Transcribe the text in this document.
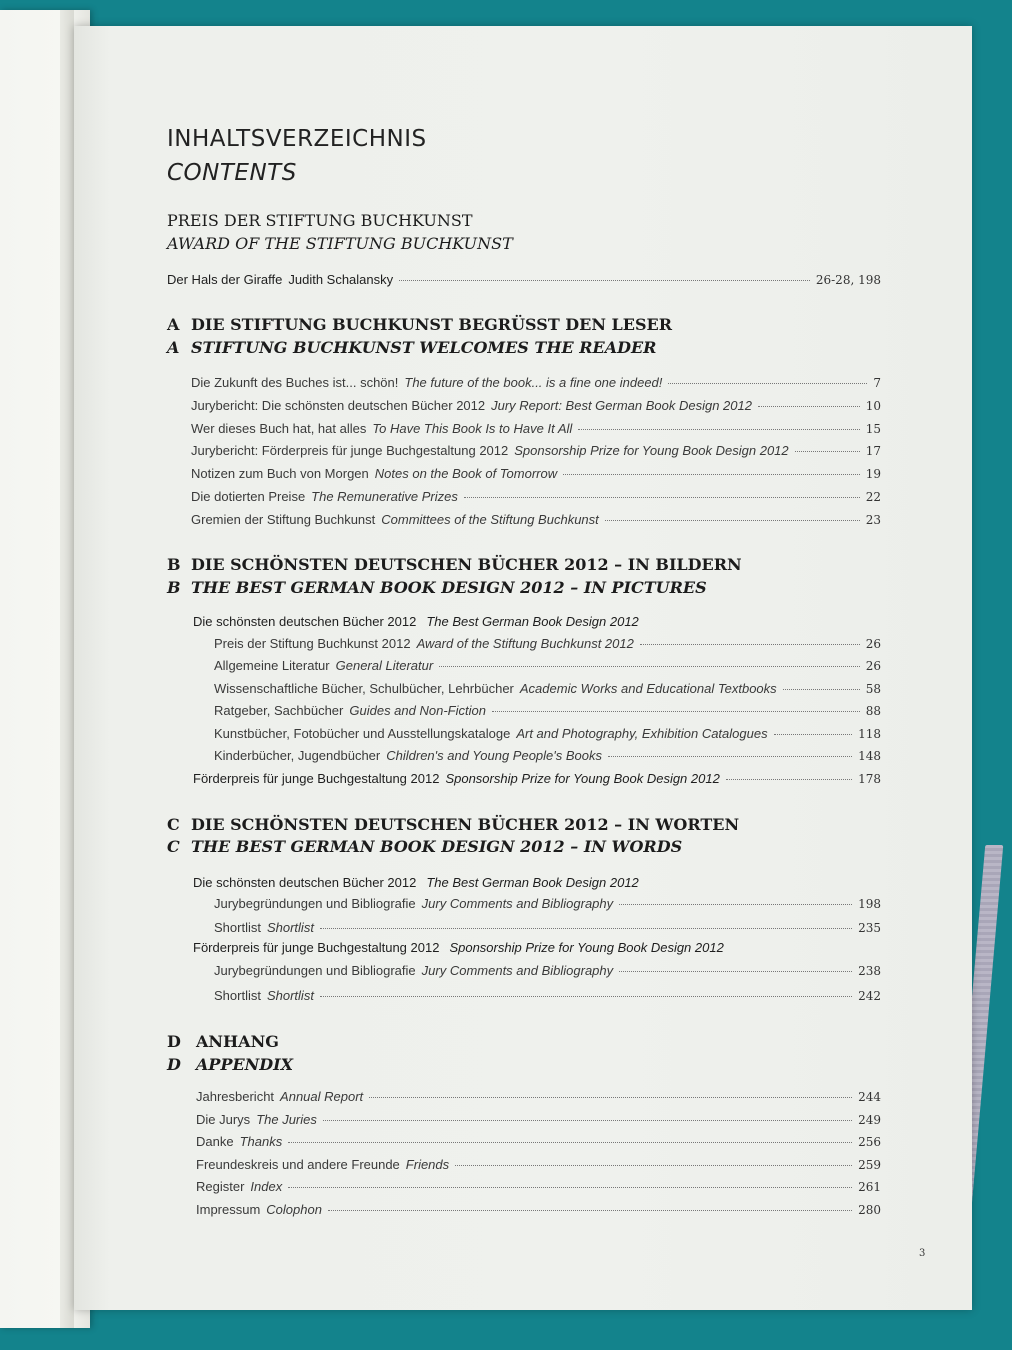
INHALTSVERZEICHNIS
CONTENTS
PREIS DER STIFTUNG BUCHKUNST
AWARD OF THE STIFTUNG BUCHKUNST
Der Hals der Giraffe Judith Schalansky	26-28, 198
A DIE STIFTUNG BUCHKUNST BEGRÜSST DEN LESER
A STIFTUNG BUCHKUNST WELCOMES THE READER
Die Zukunft des Buches ist... schön! The future of the book... is a fine one indeed!	7
Jurybericht: Die schönsten deutschen Bücher 2012 Jury Report: Best German Book Design 2012	10
Wer dieses Buch hat, hat alles To Have This Book Is to Have It All	15
Jurybericht: Förderpreis für junge Buchgestaltung 2012 Sponsorship Prize for Young Book Design 2012	17
Notizen zum Buch von Morgen Notes on the Book of Tomorrow	19
Die dotierten Preise The Remunerative Prizes	22
Gremien der Stiftung Buchkunst Committees of the Stiftung Buchkunst	23
B DIE SCHÖNSTEN DEUTSCHEN BÜCHER 2012 – IN BILDERN
B THE BEST GERMAN BOOK DESIGN 2012 – IN PICTURES
Die schönsten deutschen Bücher 2012 The Best German Book Design 2012
Preis der Stiftung Buchkunst 2012 Award of the Stiftung Buchkunst 2012	26
Allgemeine Literatur General Literatur	26
Wissenschaftliche Bücher, Schulbücher, Lehrbücher Academic Works and Educational Textbooks	58
Ratgeber, Sachbücher Guides and Non-Fiction	88
Kunstbücher, Fotobücher und Ausstellungskataloge Art and Photography, Exhibition Catalogues	118
Kinderbücher, Jugendbücher Children's and Young People's Books	148
Förderpreis für junge Buchgestaltung 2012 Sponsorship Prize for Young Book Design 2012	178
C DIE SCHÖNSTEN DEUTSCHEN BÜCHER 2012 – IN WORTEN
C THE BEST GERMAN BOOK DESIGN 2012 – IN WORDS
Die schönsten deutschen Bücher 2012 The Best German Book Design 2012
Jurybegründungen und Bibliografie Jury Comments and Bibliography	198
Shortlist Shortlist	235
Förderpreis für junge Buchgestaltung 2012 Sponsorship Prize for Young Book Design 2012
Jurybegründungen und Bibliografie Jury Comments and Bibliography	238
Shortlist Shortlist	242
D ANHANG
D APPENDIX
Jahresbericht Annual Report	244
Die Jurys The Juries	249
Danke Thanks	256
Freundeskreis und andere Freunde Friends	259
Register Index	261
Impressum Colophon	280
3
